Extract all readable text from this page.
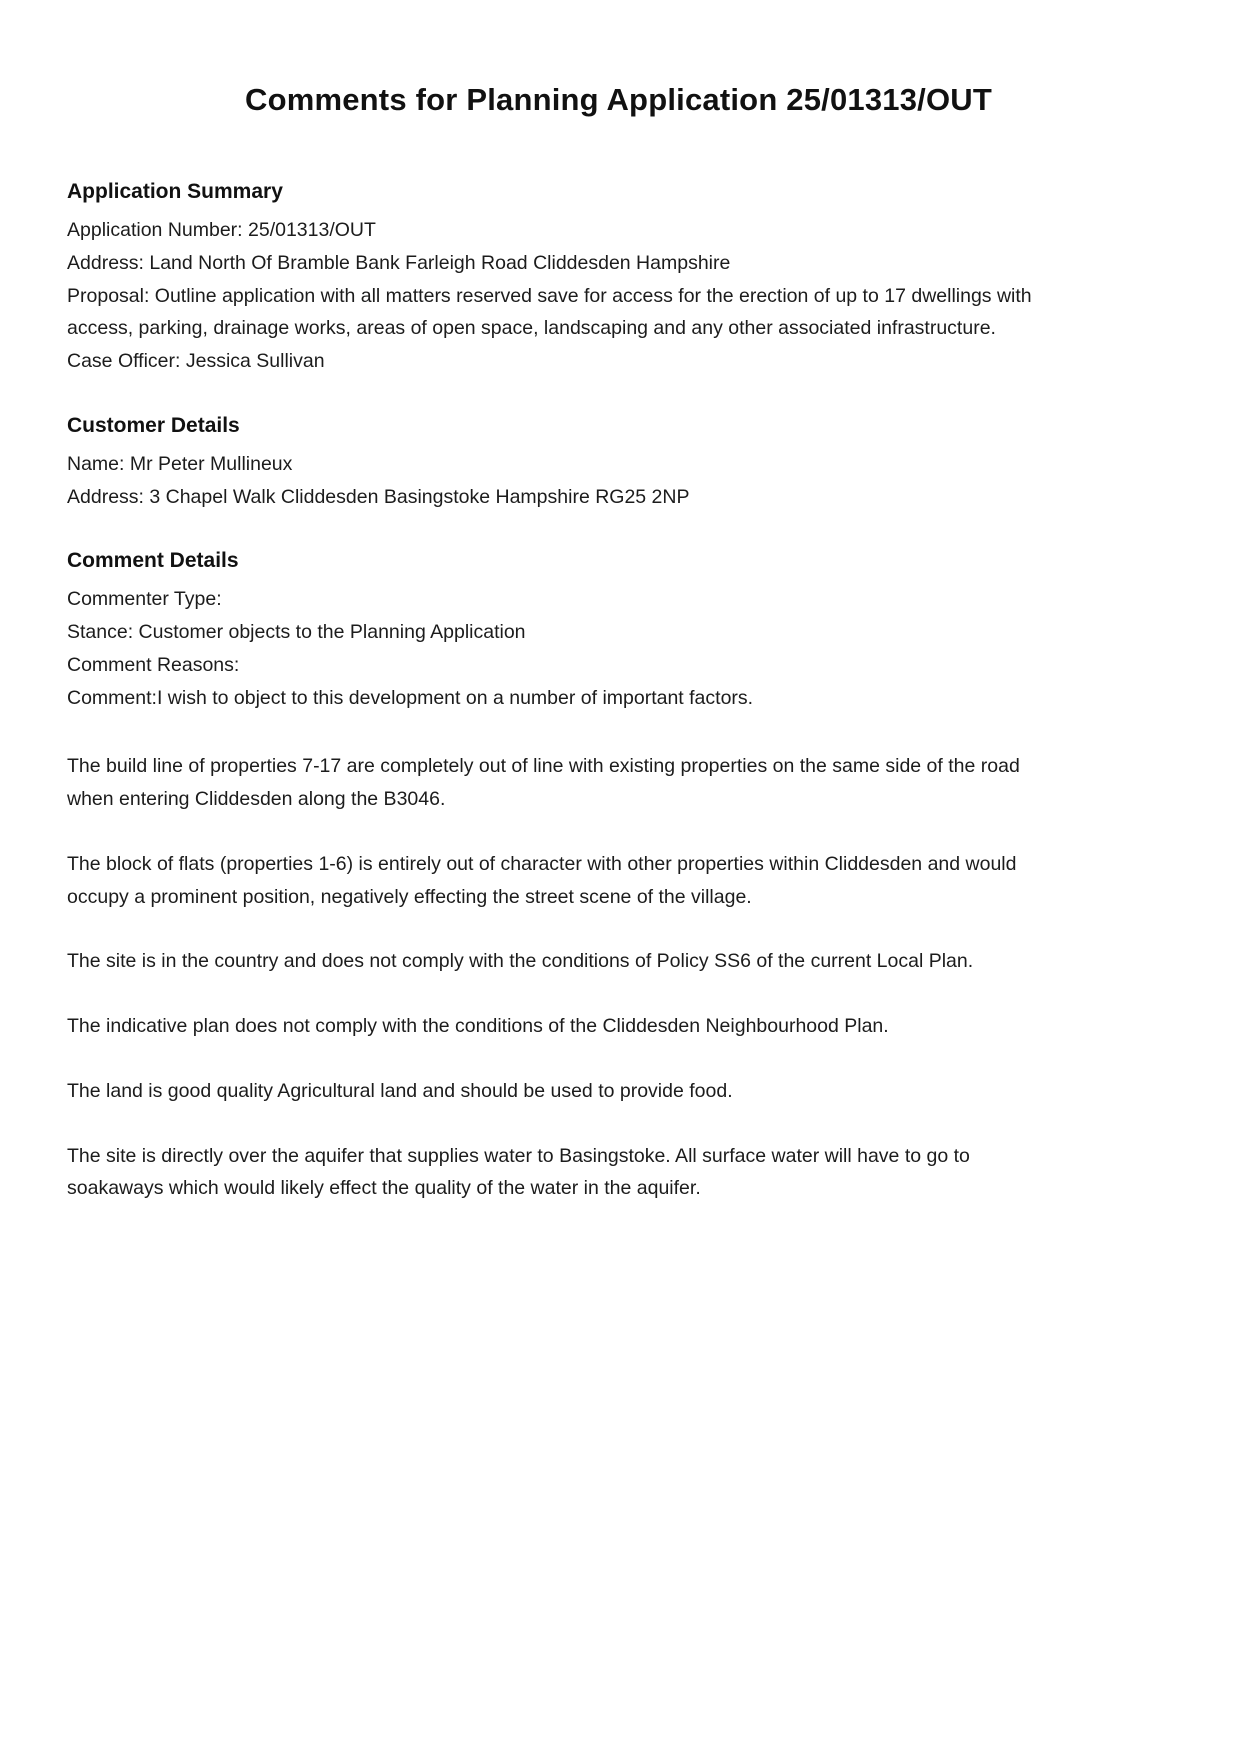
Comments for Planning Application 25/01313/OUT
Application Summary
Application Number: 25/01313/OUT
Address: Land North Of Bramble Bank Farleigh Road Cliddesden Hampshire
Proposal: Outline application with all matters reserved save for access for the erection of up to 17 dwellings with access, parking, drainage works, areas of open space, landscaping and any other associated infrastructure.
Case Officer: Jessica Sullivan
Customer Details
Name: Mr Peter Mullineux
Address: 3 Chapel Walk Cliddesden Basingstoke Hampshire RG25 2NP
Comment Details
Commenter Type:
Stance: Customer objects to the Planning Application
Comment Reasons:
Comment:I wish to object to this development on a number of important factors.

The build line of properties 7-17 are completely out of line with existing properties on the same side of the road when entering Cliddesden along the B3046.

The block of flats (properties 1-6) is entirely out of character with other properties within Cliddesden and would occupy a prominent position, negatively effecting the street scene of the village.

The site is in the country and does not comply with the conditions of Policy SS6 of the current Local Plan.

The indicative plan does not comply with the conditions of the Cliddesden Neighbourhood Plan.

The land is good quality Agricultural land and should be used to provide food.

The site is directly over the aquifer that supplies water to Basingstoke. All surface water will have to go to soakaways which would likely effect the quality of the water in the aquifer.
